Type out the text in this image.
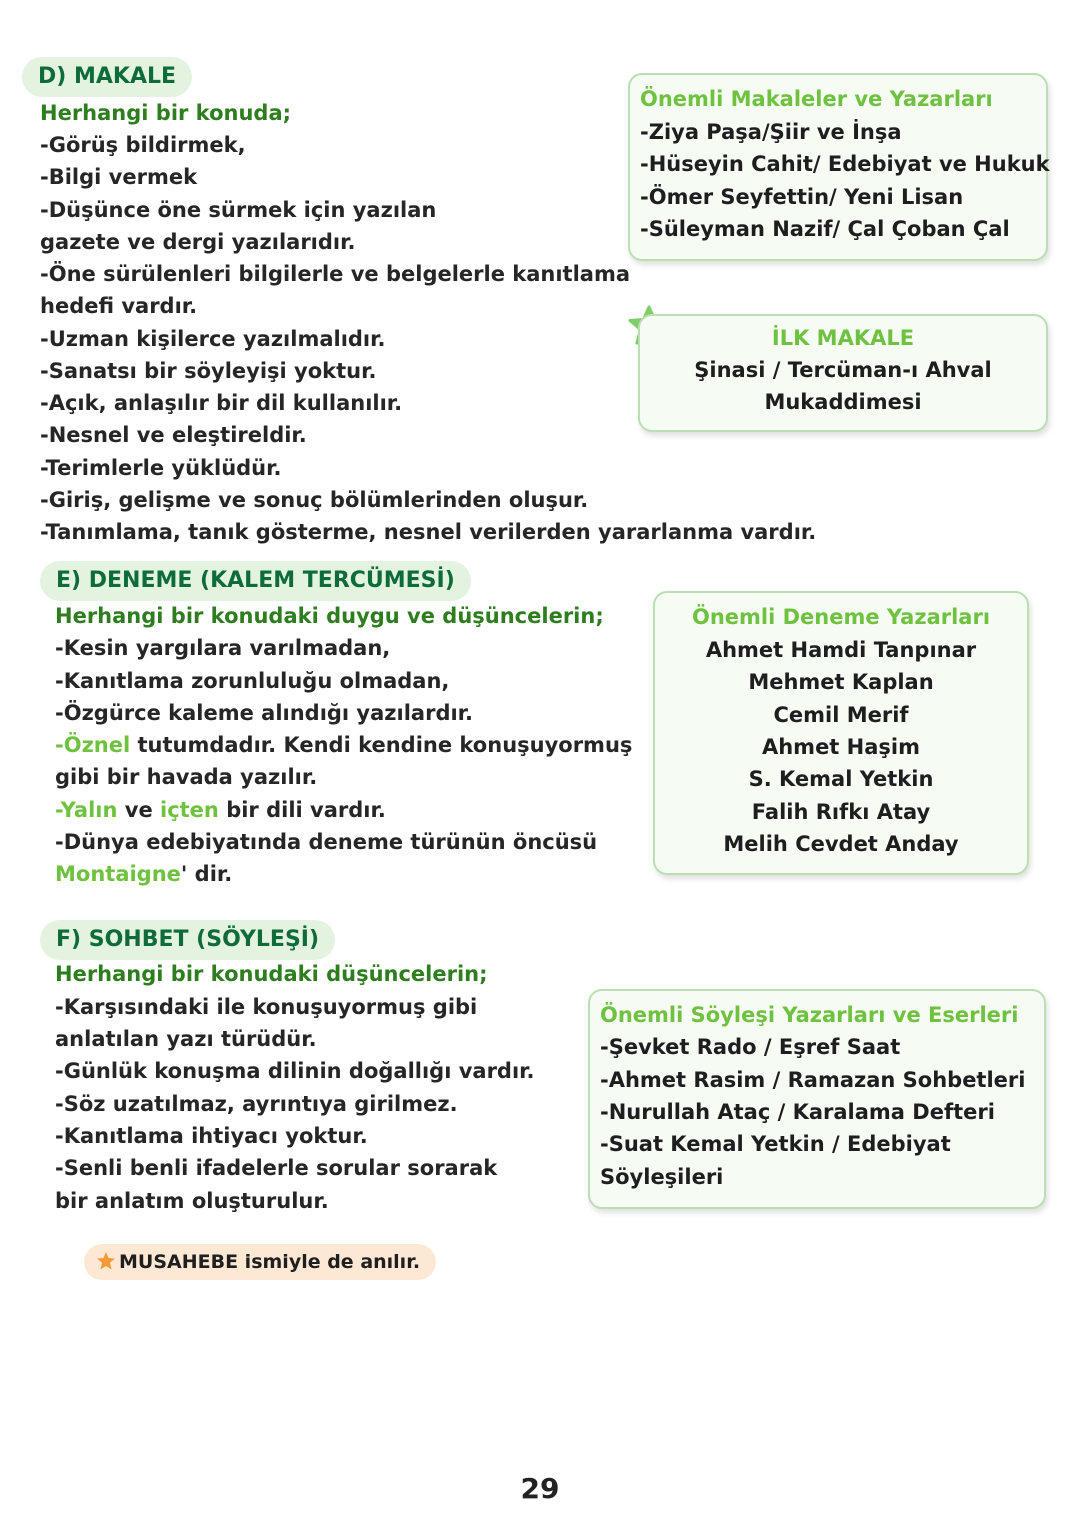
D) MAKALE
Herhangi bir konuda;
-Görüş bildirmek,
-Bilgi vermek
-Düşünce öne sürmek için yazılan
gazete ve dergi yazılarıdır.
-Öne sürülenleri bilgilerle ve belgelerle kanıtlama
hedefi vardır.
-Uzman kişilerce yazılmalıdır.
-Sanatsı bir söyleyişi yoktur.
-Açık, anlaşılır bir dil kullanılır.
-Nesnel ve eleştireldir.
-Terimlerle yüklüdür.
-Giriş, gelişme ve sonuç bölümlerinden oluşur.
-Tanımlama, tanık gösterme, nesnel verilerden yararlanma vardır.
Önemli Makaleler ve Yazarları
-Ziya Paşa/Şiir ve İnşa
-Hüseyin Cahit/ Edebiyat ve Hukuk
-Ömer Seyfettin/ Yeni Lisan
-Süleyman Nazif/ Çal Çoban Çal
İLK MAKALE
Şinasi / Tercüman-ı Ahval
Mukaddimesi
E) DENEME (KALEM TERCÜMESİ)
Herhangi bir konudaki duygu ve düşüncelerin;
-Kesin yargılara varılmadan,
-Kanıtlama zorunluluğu olmadan,
-Özgürce kaleme alındığı yazılardır.
-Öznel tutumdadır. Kendi kendine konuşuyormuş
gibi bir havada yazılır.
-Yalın ve içten bir dili vardır.
-Dünya edebiyatında deneme türünün öncüsü
Montaigne' dir.
Önemli Deneme Yazarları
Ahmet Hamdi Tanpınar
Mehmet Kaplan
Cemil Merif
Ahmet Haşim
S. Kemal Yetkin
Falih Rıfkı Atay
Melih Cevdet Anday
F) SOHBET (SÖYLEŞİ)
Herhangi bir konudaki düşüncelerin;
-Karşısındaki ile konuşuyormuş gibi
anlatılan yazı türüdür.
-Günlük konuşma dilinin doğallığı vardır.
-Söz uzatılmaz, ayrıntıya girilmez.
-Kanıtlama ihtiyacı yoktur.
-Senli benli ifadelerle sorular sorarak
bir anlatım oluşturulur.
Önemli Söyleşi Yazarları ve Eserleri
-Şevket Rado / Eşref Saat
-Ahmet Rasim / Ramazan Sohbetleri
-Nurullah Ataç / Karalama Defteri
-Suat Kemal Yetkin / Edebiyat
Söyleşileri
MUSAHEBE ismiyle de anılır.
29
